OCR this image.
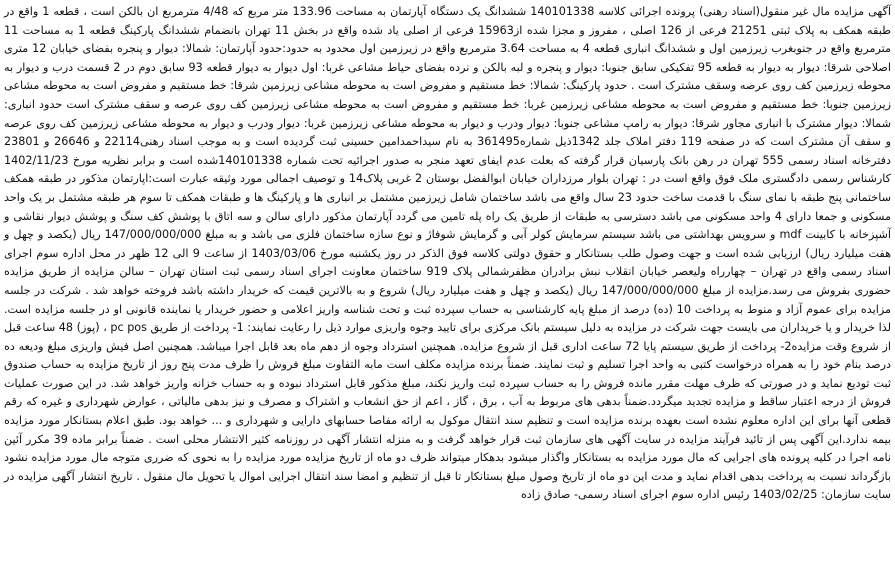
آگهی مزایده مال غیر منقول(اسناد رهنی) پرونده اجرائی کلاسه 140101338 ششدانگ یک دستگاه آپارتمان به مساحت 133.96 متر مربع که 4/48 مترمربع ان بالکن است ، قطعه 1 واقع در طبقه همکف به پلاک ثبتی 21251 فرعی از 126 اصلی ، مفروز و مجزا شده از15963 فرعی از اصلی یاد شده واقع در بخش 11 تهران بانضمام ششدانگ پارکینگ قطعه 1 به مساحت 11 مترمربع واقع در جنوبغرب زیرزمین اول و ششدانگ انباری قطعه 4 به مساحت 3.64 مترمربع واقع در زیرزمین اول محدود به حدود:حدود آپارتمان: شمالا: دیوار و پنجره بفضای خیابان 12 متری اصلاحی شرقا: دیوار به دیوار به قطعه 95 تفکیکی سابق جنوبا: دیوار و پنجره و لبه بالکن و نرده بفضای حیاط مشاعی غربا: اول دیوار به دیوار قطعه 93 سابق دوم در 2 قسمت درب و دیوار به محوطه زیرزمین کف روی عرصه وسقف مشترک است . حدود پارکینگ: شمالا: خط مستقیم و مفروض است به محوطه مشاعی زیرزمین شرقا: خط مستقیم و مفروض است به محوطه مشاعی زیرزمین جنوبا: خط مستقیم و مفروض است به محوطه مشاعی زیرزمین غربا: خط مستقیم و مفروض است به محوطه مشاعی زیرزمین کف روی عرصه و سقف مشترک است حدود انباری: شمالا: دیوار مشترک با انباری مجاور شرقا: دیوار به رامپ مشاعی جنوبا: دیوار ودرب و دیوار به محوطه مشاعی زیرزمین غربا: دیوار ودرب و دیوار به محوطه مشاعی زیرزمین کف روی عرصه و سقف آن مشترک است که در صفحه 119 دفتر املاک جلد 1342ذیل شماره361495 به نام سیداحمدامین حسینی ثبت گردیده است و به موجب اسناد رهنی22114 و 26646 و 23801 دفترخانه اسناد رسمی 555 تهران در رهن بانک پارسیان قرار گرفته که بعلت عدم ایفای تعهد منجر به صدور اجرائیه تحت شماره 140101338شده است و برابر نظریه مورخ 1402/11/23 کارشناس رسمی دادگستری ملک فوق واقع است در : تهران بلوار مرزداران خیابان ابوالفضل بوستان 2 غربی پلاک14 و توصیف اجمالی مورد وثیقه عبارت است:اپارتمان مذکور در طبقه همکف ساختمانی پنج طبقه با نمای سنگ با قدمت ساخت حدود 23 سال واقع می باشد ساختمان شامل زیرزمین مشتمل بر انباری ها و پارکینگ ها و طبقات همکف تا سوم هر طبقه مشتمل بر یک واحد مسکونی و جمعا دارای 4 واحد مسکونی می باشد دسترسی به طبقات از طریق یک راه پله تامین می گردد آپارتمان مذکور دارای سالن و سه اتاق با پوشش کف سنگ و پوشش دیوار نقاشی و آشپزخانه با کابینت mdf و سرویس بهداشتی می باشد سیستم سرمایش کولر آبی و گرمایش شوفاژ و نوع سازه ساختمان فلزی می باشد و به مبلغ 147/000/000/000 ریال (یکصد و چهل و هفت میلیارد ریال) ارزیابی شده است و جهت وصول طلب بستانکار و حقوق دولتی کلاسه فوق الذکر در روز یکشنبه مورخ 1403/03/06 از ساعت 9 الی 12 ظهر در محل اداره سوم اجرای اسناد رسمی واقع در تهران – چهارراه ولیعصر خیابان انقلاب نبش برادران مظفرشمالی پلاک 919 ساختمان معاونت اجرای اسناد رسمی ثبت استان تهران – سالن مزایده از طریق مزایده حضوری بفروش می رسد.مزایده از مبلغ 147/000/000/000 ریال (یکصد و چهل و هفت میلیارد ریال) شروع و به بالاترین قیمت که خریدار داشته باشد فروخته خواهد شد . شرکت در جلسه مزایده برای عموم آزاد و منوط به پرداخت 10 (ده) درصد از مبلغ پایه کارشناسی به حساب سپرده ثبت و تحت شناسه واریز اعلامی و حضور خریدار یا نماینده قانونی او در جلسه مزایده است. لذا خریدار و یا خریداران می بایست جهت شرکت در مزایده به دلیل سیستم بانک مرکزی برای تایید وجوه واریزی موارد ذیل را رعایت نمایند: 1- پرداخت از طریق pc pos ، (پوز) 48 ساعت قبل از شروع وقت مزایده2- پرداخت از طریق سیستم پایا 72 ساعت اداری قبل از شروع مزایده. همچنین استرداد وجوه از دهم ماه بعد قابل اجرا میباشد. همچنین اصل فیش واریزی مبلغ ودیعه ده درصد بنام خود را به همراه درخواست کتبی به واحد اجرا تسلیم و ثبت نمایند. ضمناً برنده مزایده مکلف است مابه التفاوت مبلغ فروش را ظرف مدت پنج روز از تاریخ مزایده به حساب صندوق ثبت تودیع نماید و در صورتی که ظرف مهلت مقرر مانده فروش را به حساب سپرده ثبت واریز نکند، مبلغ مذکور قابل استرداد نبوده و به حساب خزانه واریز خواهد شد. در این صورت عملیات فروش از درجه اعتبار ساقط و مزایده تجدید میگردد.ضمناً بدهی های مربوط به آب ، برق ، گاز ، اعم از حق انشعاب و اشتراک و مصرف و نیز بدهی مالیاتی ، عوارض شهرداری و غیره که رقم قطعی آنها برای این اداره معلوم نشده است بعهده برنده مزایده است و تنظیم سند انتقال موکول به ارائه مفاصا حسابهای دارایی و شهرداری و ... خواهد بود. طبق اعلام بستانکار مورد مزایده بیمه ندارد.این آگهی پس از تائید فرآیند مزایده در سایت آگهی های سازمان ثبت قرار خواهد گرفت و به منزله انتشار آگهی در روزنامه کثیر الانتشار محلی است . ضمناً برابر ماده 39 مکرر آئین نامه اجرا در کلیه پرونده های اجرایی که مال مورد مزایده به بستانکار واگذار میشود بدهکار میتواند ظرف دو ماه از تاریخ مزایده مورد مزایده را به نحوی که ضرری متوجه مال مورد مزایده نشود بازگرداند نسبت به پرداخت بدهی اقدام نماید و مدت این دو ماه از تاریخ وصول مبلغ بستانکار تا قبل از تنظیم و امضا سند انتقال اجرایی اموال یا تحویل مال منقول . تاریخ انتشار آگهی مزایده در سایت سازمان: 1403/02/25 رئیس اداره سوم اجرای اسناد رسمی- صادق زاده
